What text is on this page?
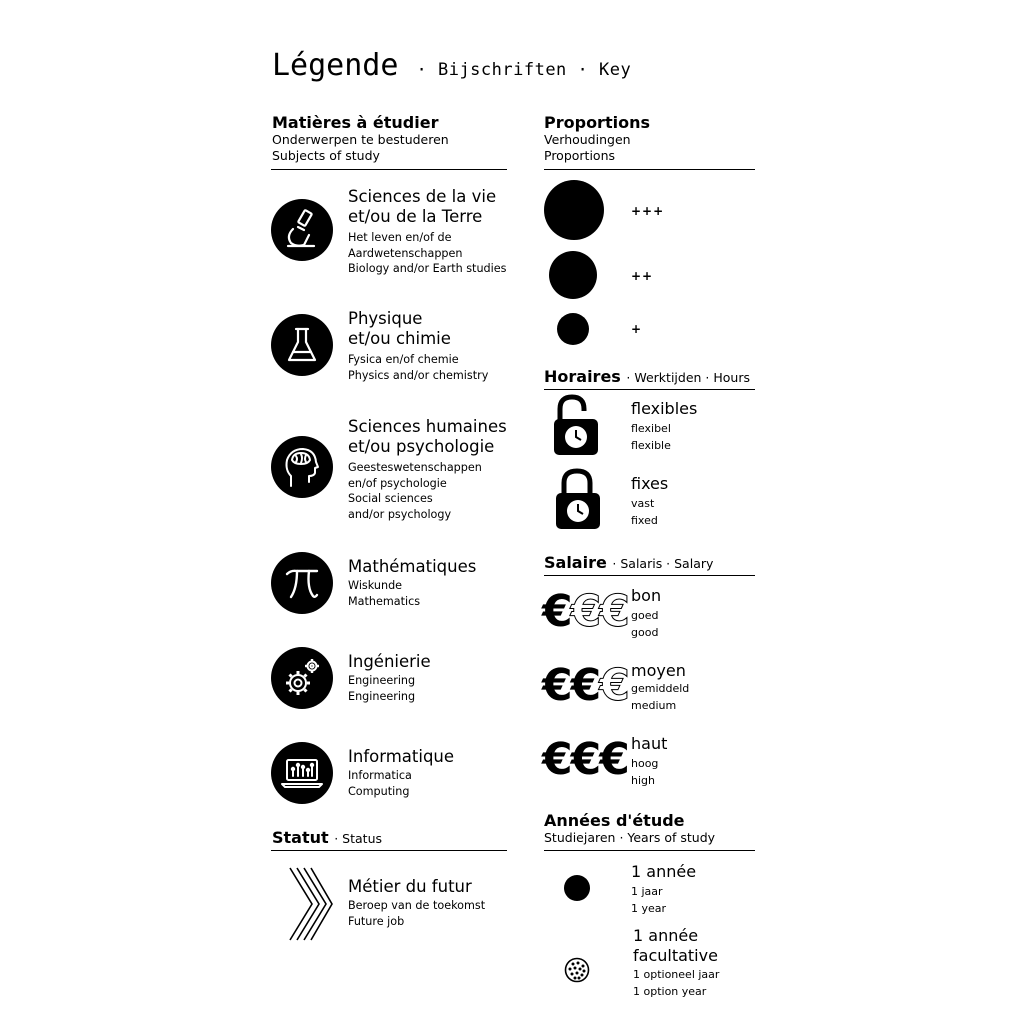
Légende · Bijschriften · Key
Matières à étudier
Onderwerpen te bestuderen
Subjects of study
Sciences de la vie
et/ou de la Terre
Het leven en/of de
Aardwetenschappen
Biology and/or Earth studies
Physique
et/ou chimie
Fysica en/of chemie
Physics and/or chemistry
Sciences humaines
et/ou psychologie
Geesteswetenschappen
en/of psychologie
Social sciences
and/or psychology
Mathématiques
Wiskunde
Mathematics
Ingénierie
Engineering
Engineering
Informatique
Informatica
Computing
Statut · Status
Métier du futur
Beroep van de toekomst
Future job
Proportions
Verhoudingen
Proportions
+++
++
+
Horaires · Werktijden · Hours
flexibles
flexibel
flexible
fixes
vast
fixed
Salaire · Salaris · Salary
€€€ bon
goed
good
€€€ moyen
gemiddeld
medium
€€€ haut
hoog
high
Années d'étude
Studiejaren · Years of study
1 année
1 jaar
1 year
1 année
facultative
1 optioneel jaar
1 option year
